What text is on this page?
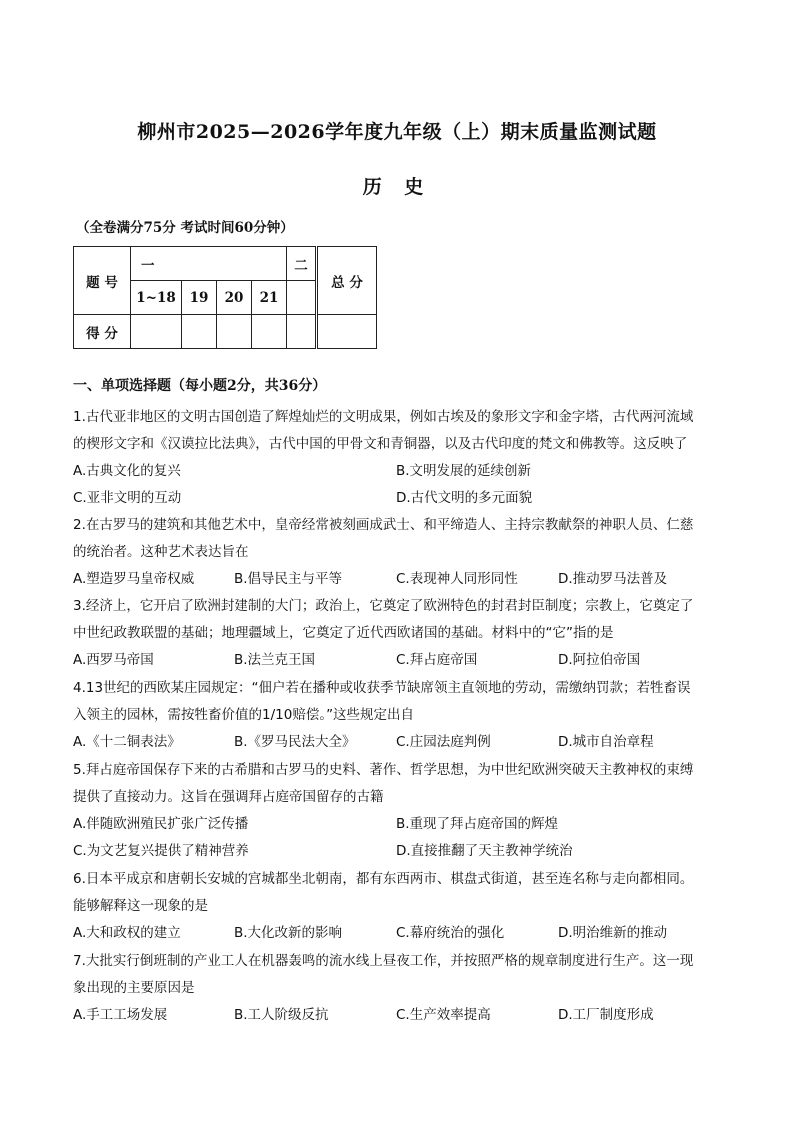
柳州市2025—2026学年度九年级（上）期末质量监测试题
历 史
（全卷满分75分 考试时间60分钟）
题 号	一				二	总 分
	1~18	19	20	21		
得 分						
一、单项选择题（每小题2分，共36分）

1.古代亚非地区的文明古国创造了辉煌灿烂的文明成果，例如古埃及的象形文字和金字塔，古代两河流域

的楔形文字和《汉谟拉比法典》，古代中国的甲骨文和青铜器，以及古代印度的梵文和佛教等。这反映了

A.古典文化的复兴	B.文明发展的延续创新
C.亚非文明的互动	D.古代文明的多元面貌

2.在古罗马的建筑和其他艺术中，皇帝经常被刻画成武士、和平缔造人、主持宗教献祭的神职人员、仁慈

的统治者。这种艺术表达旨在

A.塑造罗马皇帝权威	B.倡导民主与平等	C.表现神人同形同性	D.推动罗马法普及

3.经济上，它开启了欧洲封建制的大门；政治上，它奠定了欧洲特色的封君封臣制度；宗教上，它奠定了

中世纪政教联盟的基础；地理疆域上，它奠定了近代西欧诸国的基础。材料中的“它”指的是

A.西罗马帝国	B.法兰克王国	C.拜占庭帝国	D.阿拉伯帝国

4.13世纪的西欧某庄园规定：“佃户若在播种或收获季节缺席领主直领地的劳动，需缴纳罚款；若牲畜误

入领主的园林，需按牲畜价值的1/10赔偿。”这些规定出自

A.《十二铜表法》	B.《罗马民法大全》	C.庄园法庭判例	D.城市自治章程

5.拜占庭帝国保存下来的古希腊和古罗马的史料、著作、哲学思想，为中世纪欧洲突破天主教神权的束缚

提供了直接动力。这旨在强调拜占庭帝国留存的古籍

A.伴随欧洲殖民扩张广泛传播	B.重现了拜占庭帝国的辉煌
C.为文艺复兴提供了精神营养	D.直接推翻了天主教神学统治

6.日本平成京和唐朝长安城的宫城都坐北朝南，都有东西两市、棋盘式街道，甚至连名称与走向都相同。

能够解释这一现象的是

A.大和政权的建立	B.大化改新的影响	C.幕府统治的强化	D.明治维新的推动

7.大批实行倒班制的产业工人在机器轰鸣的流水线上昼夜工作，并按照严格的规章制度进行生产。这一现

象出现的主要原因是

A.手工工场发展	B.工人阶级反抗	C.生产效率提高	D.工厂制度形成
